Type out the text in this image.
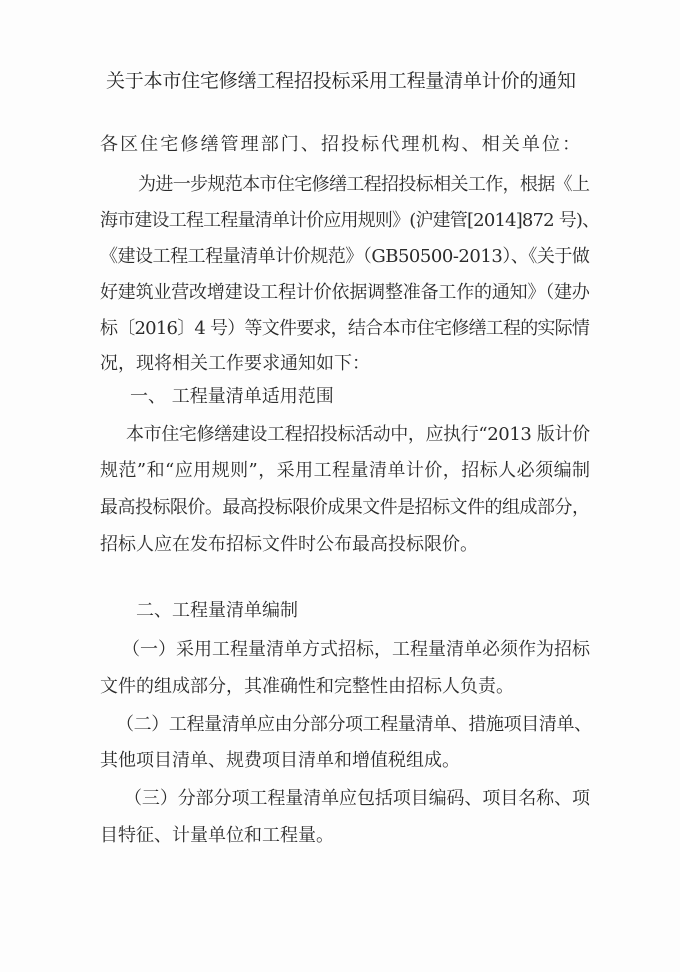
关于本市住宅修缮工程招投标采用工程量清单计价的通知
各区住宅修缮管理部门、招投标代理机构、相关单位：
为进一步规范本市住宅修缮工程招投标相关工作，根据《上
海市建设工程工程量清单计价应用规则》(沪建管[2014]872 号)、
《建设工程工程量清单计价规范》（GB50500-2013）、《关于做
好建筑业营改增建设工程计价依据调整准备工作的通知》（建办
标〔2016〕4 号）等文件要求，结合本市住宅修缮工程的实际情
况，现将相关工作要求通知如下：
一、 工程量清单适用范围
本市住宅修缮建设工程招投标活动中，应执行“2013 版计价
规范”和“应用规则”，采用工程量清单计价，招标人必须编制
最高投标限价。最高投标限价成果文件是招标文件的组成部分，
招标人应在发布招标文件时公布最高投标限价。
二、工程量清单编制
（一）采用工程量清单方式招标，工程量清单必须作为招标
文件的组成部分，其准确性和完整性由招标人负责。
（二）工程量清单应由分部分项工程量清单、措施项目清单、
其他项目清单、规费项目清单和增值税组成。
（三）分部分项工程量清单应包括项目编码、项目名称、项
目特征、计量单位和工程量。
